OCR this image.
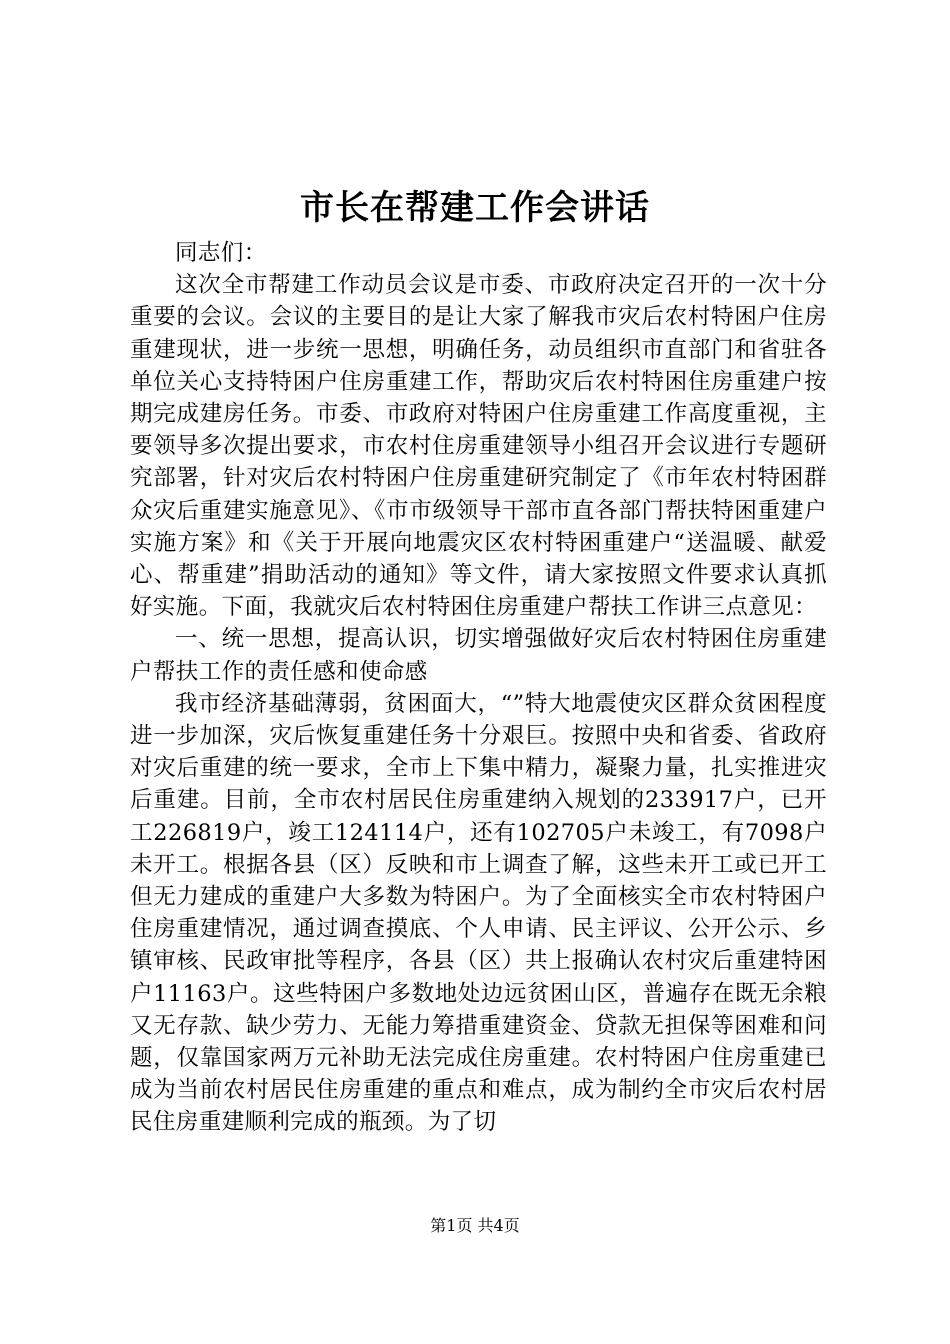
市长在帮建工作会讲话

同志们：

这次全市帮建工作动员会议是市委、市政府决定召开的一次十分重要的会议。会议的主要目的是让大家了解我市灾后农村特困户住房重建现状，进一步统一思想，明确任务，动员组织市直部门和省驻各单位关心支持特困户住房重建工作，帮助灾后农村特困住房重建户按期完成建房任务。市委、市政府对特困户住房重建工作高度重视，主要领导多次提出要求，市农村住房重建领导小组召开会议进行专题研究部署，针对灾后农村特困户住房重建研究制定了《市年农村特困群众灾后重建实施意见》、《市市级领导干部市直各部门帮扶特困重建户实施方案》和《关于开展向地震灾区农村特困重建户“送温暖、献爱心、帮重建”捐助活动的通知》等文件，请大家按照文件要求认真抓好实施。下面，我就灾后农村特困住房重建户帮扶工作讲三点意见：

一、统一思想，提高认识，切实增强做好灾后农村特困住房重建户帮扶工作的责任感和使命感

我市经济基础薄弱，贫困面大，“”特大地震使灾区群众贫困程度进一步加深，灾后恢复重建任务十分艰巨。按照中央和省委、省政府对灾后重建的统一要求，全市上下集中精力，凝聚力量，扎实推进灾后重建。目前，全市农村居民住房重建纳入规划的233917户，已开工226819户，竣工124114户，还有102705户未竣工，有7098户未开工。根据各县（区）反映和市上调查了解，这些未开工或已开工但无力建成的重建户大多数为特困户。为了全面核实全市农村特困户住房重建情况，通过调查摸底、个人申请、民主评议、公开公示、乡镇审核、民政审批等程序，各县（区）共上报确认农村灾后重建特困户11163户。这些特困户多数地处边远贫困山区，普遍存在既无余粮又无存款、缺少劳力、无能力筹措重建资金、贷款无担保等困难和问题，仅靠国家两万元补助无法完成住房重建。农村特困户住房重建已成为当前农村居民住房重建的重点和难点，成为制约全市灾后农村居民住房重建顺利完成的瓶颈。为了切

第1页 共4页
